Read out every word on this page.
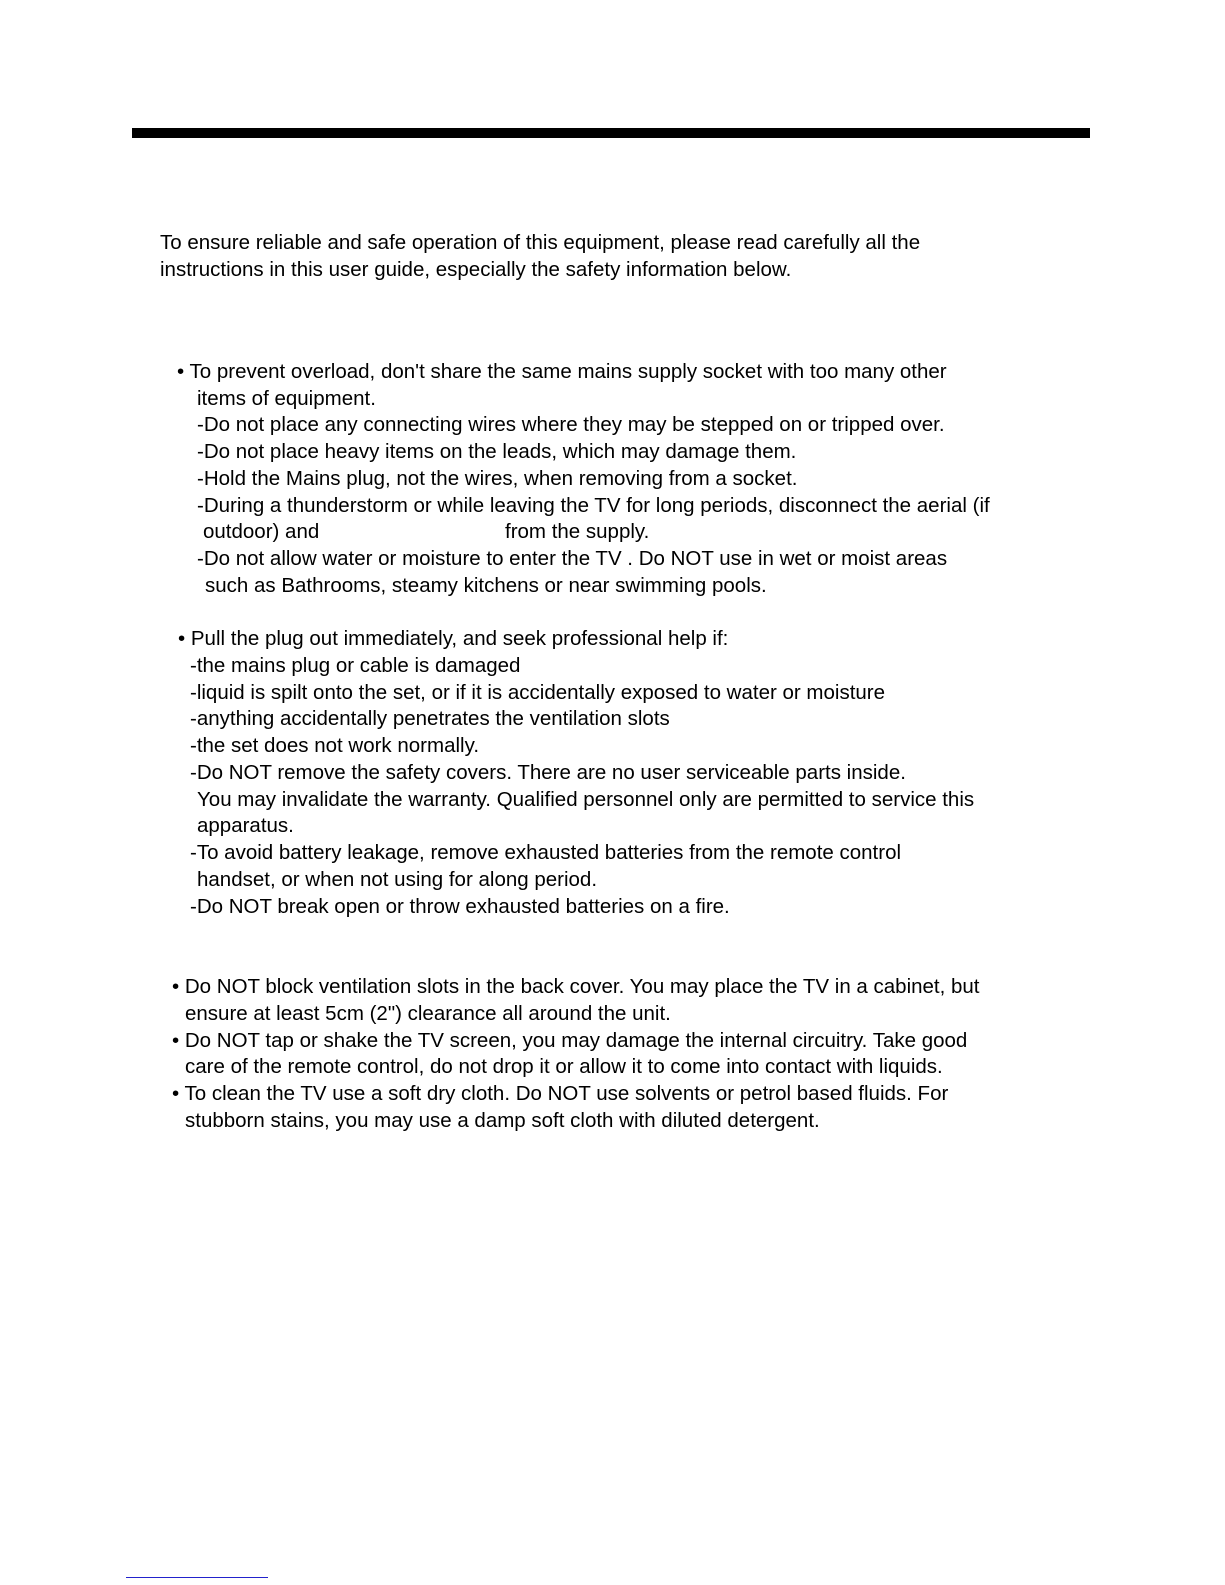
To ensure reliable and safe operation of this equipment, please read carefully all the
instructions in this user guide, especially the safety information below.
• To prevent overload, don't share the same mains supply socket with too many other
items of equipment.
-Do not place any connecting wires where they may be stepped on or tripped over.
-Do not place heavy items on the leads, which may damage them.
-Hold the Mains plug, not the wires, when removing from a socket.
-During a thunderstorm or while leaving the TV for long periods, disconnect the aerial (if
outdoor) and	from the supply.
-Do not allow water or moisture to enter the TV . Do NOT use in wet or moist areas
such as Bathrooms, steamy kitchens or near swimming pools.
• Pull the plug out immediately, and seek professional help if:
-the mains plug or cable is damaged
-liquid is spilt onto the set, or if it is accidentally exposed to water or moisture
-anything accidentally penetrates the ventilation slots
-the set does not work normally.
-Do NOT remove the safety covers. There are no user serviceable parts inside.
You may invalidate the warranty. Qualified personnel only are permitted to service this
apparatus.
-To avoid battery leakage, remove exhausted batteries from the remote control
handset, or when not using for along period.
-Do NOT break open or throw exhausted batteries on a fire.
• Do NOT block ventilation slots in the back cover. You may place the TV in a cabinet, but
ensure at least 5cm (2") clearance all around the unit.
• Do NOT tap or shake the TV screen, you may damage the internal circuitry. Take good
care of the remote control, do not drop it or allow it to come into contact with liquids.
• To clean the TV use a soft dry cloth. Do NOT use solvents or petrol based fluids. For
stubborn stains, you may use a damp soft cloth with diluted detergent.
